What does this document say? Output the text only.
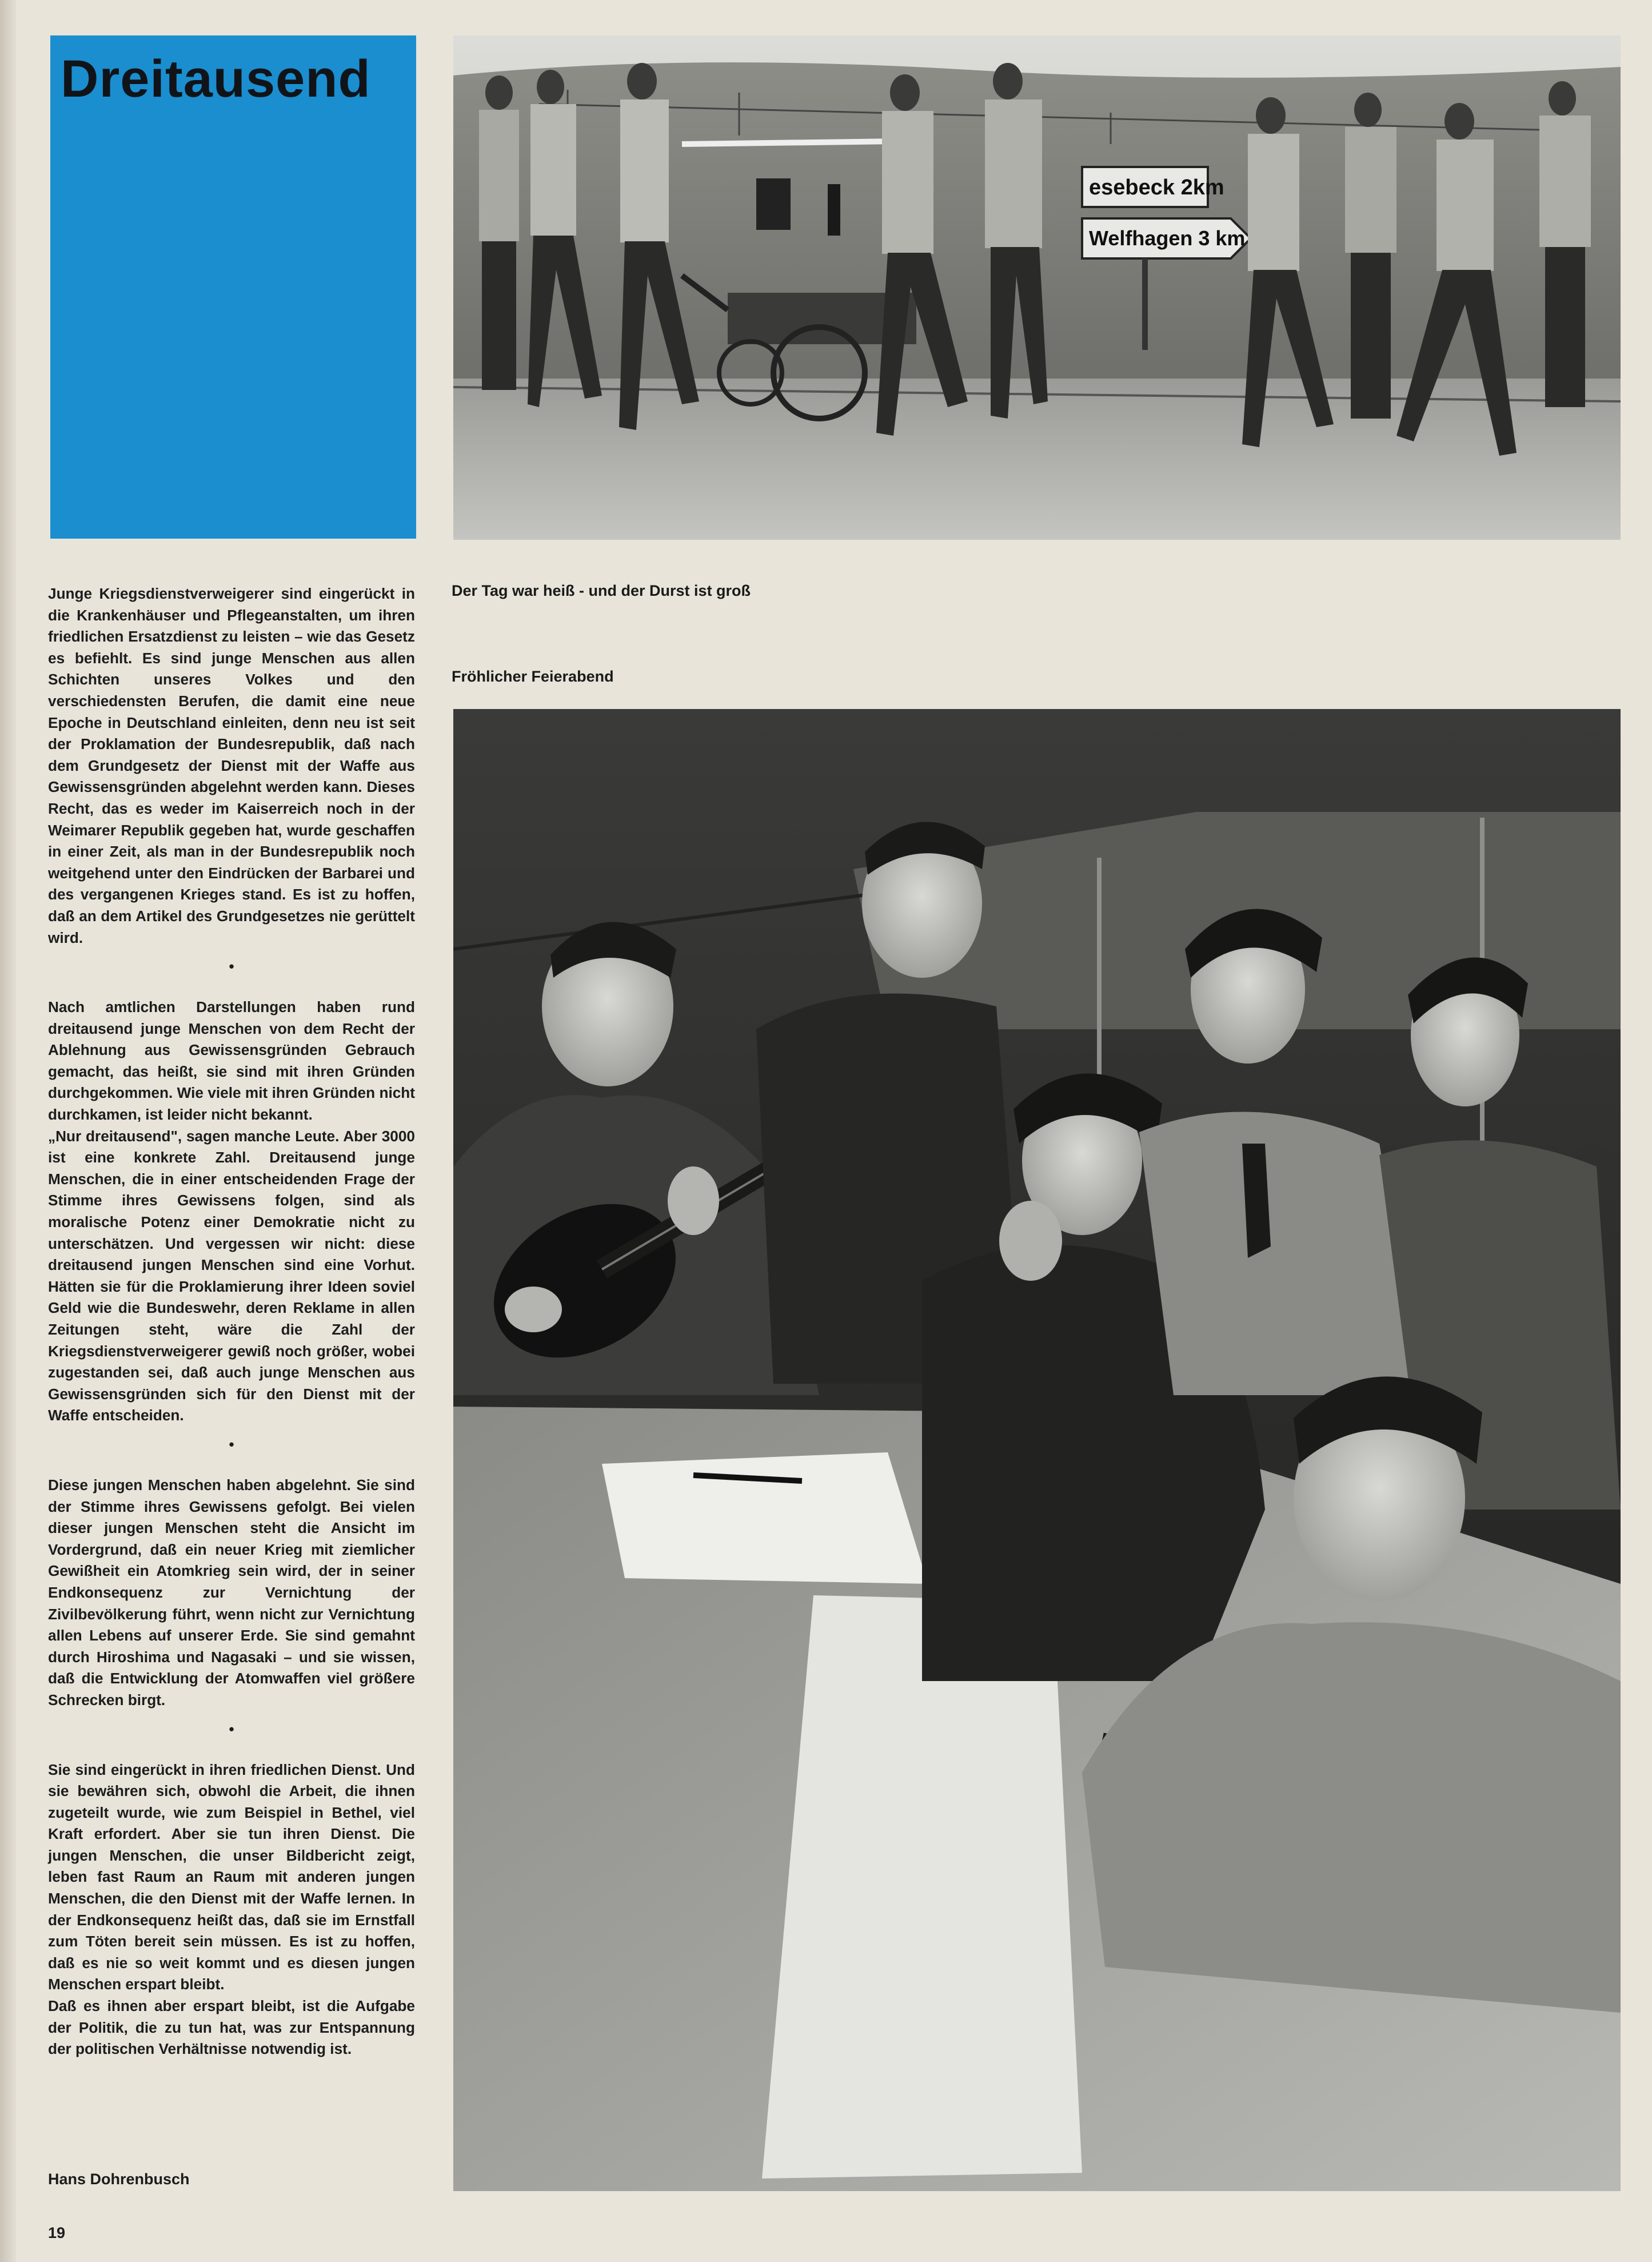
Dreitausend
esebeck 2km
Welfhagen 3 km
Der Tag war heiß - und der Durst ist groß
Fröhlicher Feierabend

Junge Kriegsdienstverweigerer sind eingerückt in die Krankenhäuser und Pflegeanstalten, um ihren friedlichen Ersatzdienst zu leisten – wie das Gesetz es befiehlt. Es sind junge Menschen aus allen Schichten unseres Volkes und den verschiedensten Berufen, die damit eine neue Epoche in Deutschland einleiten, denn neu ist seit der Proklamation der Bundesrepublik, daß nach dem Grundgesetz der Dienst mit der Waffe aus Gewissensgründen abgelehnt werden kann. Dieses Recht, das es weder im Kaiserreich noch in der Weimarer Republik gegeben hat, wurde geschaffen in einer Zeit, als man in der Bundesrepublik noch weitgehend unter den Eindrücken der Barbarei und des vergangenen Krieges stand. Es ist zu hoffen, daß an dem Artikel des Grundgesetzes nie gerüttelt wird.

•

Nach amtlichen Darstellungen haben rund dreitausend junge Menschen von dem Recht der Ablehnung aus Gewissensgründen Gebrauch gemacht, das heißt, sie sind mit ihren Gründen durchgekommen. Wie viele mit ihren Gründen nicht durchkamen, ist leider nicht bekannt.

„Nur dreitausend", sagen manche Leute. Aber 3000 ist eine konkrete Zahl. Dreitausend junge Menschen, die in einer entscheidenden Frage der Stimme ihres Gewissens folgen, sind als moralische Potenz einer Demokratie nicht zu unterschätzen. Und vergessen wir nicht: diese dreitausend jungen Menschen sind eine Vorhut. Hätten sie für die Proklamierung ihrer Ideen soviel Geld wie die Bundeswehr, deren Reklame in allen Zeitungen steht, wäre die Zahl der Kriegsdienstverweigerer gewiß noch größer, wobei zugestanden sei, daß auch junge Menschen aus Gewissensgründen sich für den Dienst mit der Waffe entscheiden.

•

Diese jungen Menschen haben abgelehnt. Sie sind der Stimme ihres Gewissens gefolgt. Bei vielen dieser jungen Menschen steht die Ansicht im Vordergrund, daß ein neuer Krieg mit ziemlicher Gewißheit ein Atomkrieg sein wird, der in seiner Endkonsequenz zur Vernichtung der Zivilbevölkerung führt, wenn nicht zur Vernichtung allen Lebens auf unserer Erde. Sie sind gemahnt durch Hiroshima und Nagasaki – und sie wissen, daß die Entwicklung der Atomwaffen viel größere Schrecken birgt.

•

Sie sind eingerückt in ihren friedlichen Dienst. Und sie bewähren sich, obwohl die Arbeit, die ihnen zugeteilt wurde, wie zum Beispiel in Bethel, viel Kraft erfordert. Aber sie tun ihren Dienst. Die jungen Menschen, die unser Bildbericht zeigt, leben fast Raum an Raum mit anderen jungen Menschen, die den Dienst mit der Waffe lernen. In der Endkonsequenz heißt das, daß sie im Ernstfall zum Töten bereit sein müssen. Es ist zu hoffen, daß es nie so weit kommt und es diesen jungen Menschen erspart bleibt.

Daß es ihnen aber erspart bleibt, ist die Aufgabe der Politik, die zu tun hat, was zur Entspannung der politischen Verhältnisse notwendig ist.

Hans Dohrenbusch
19
